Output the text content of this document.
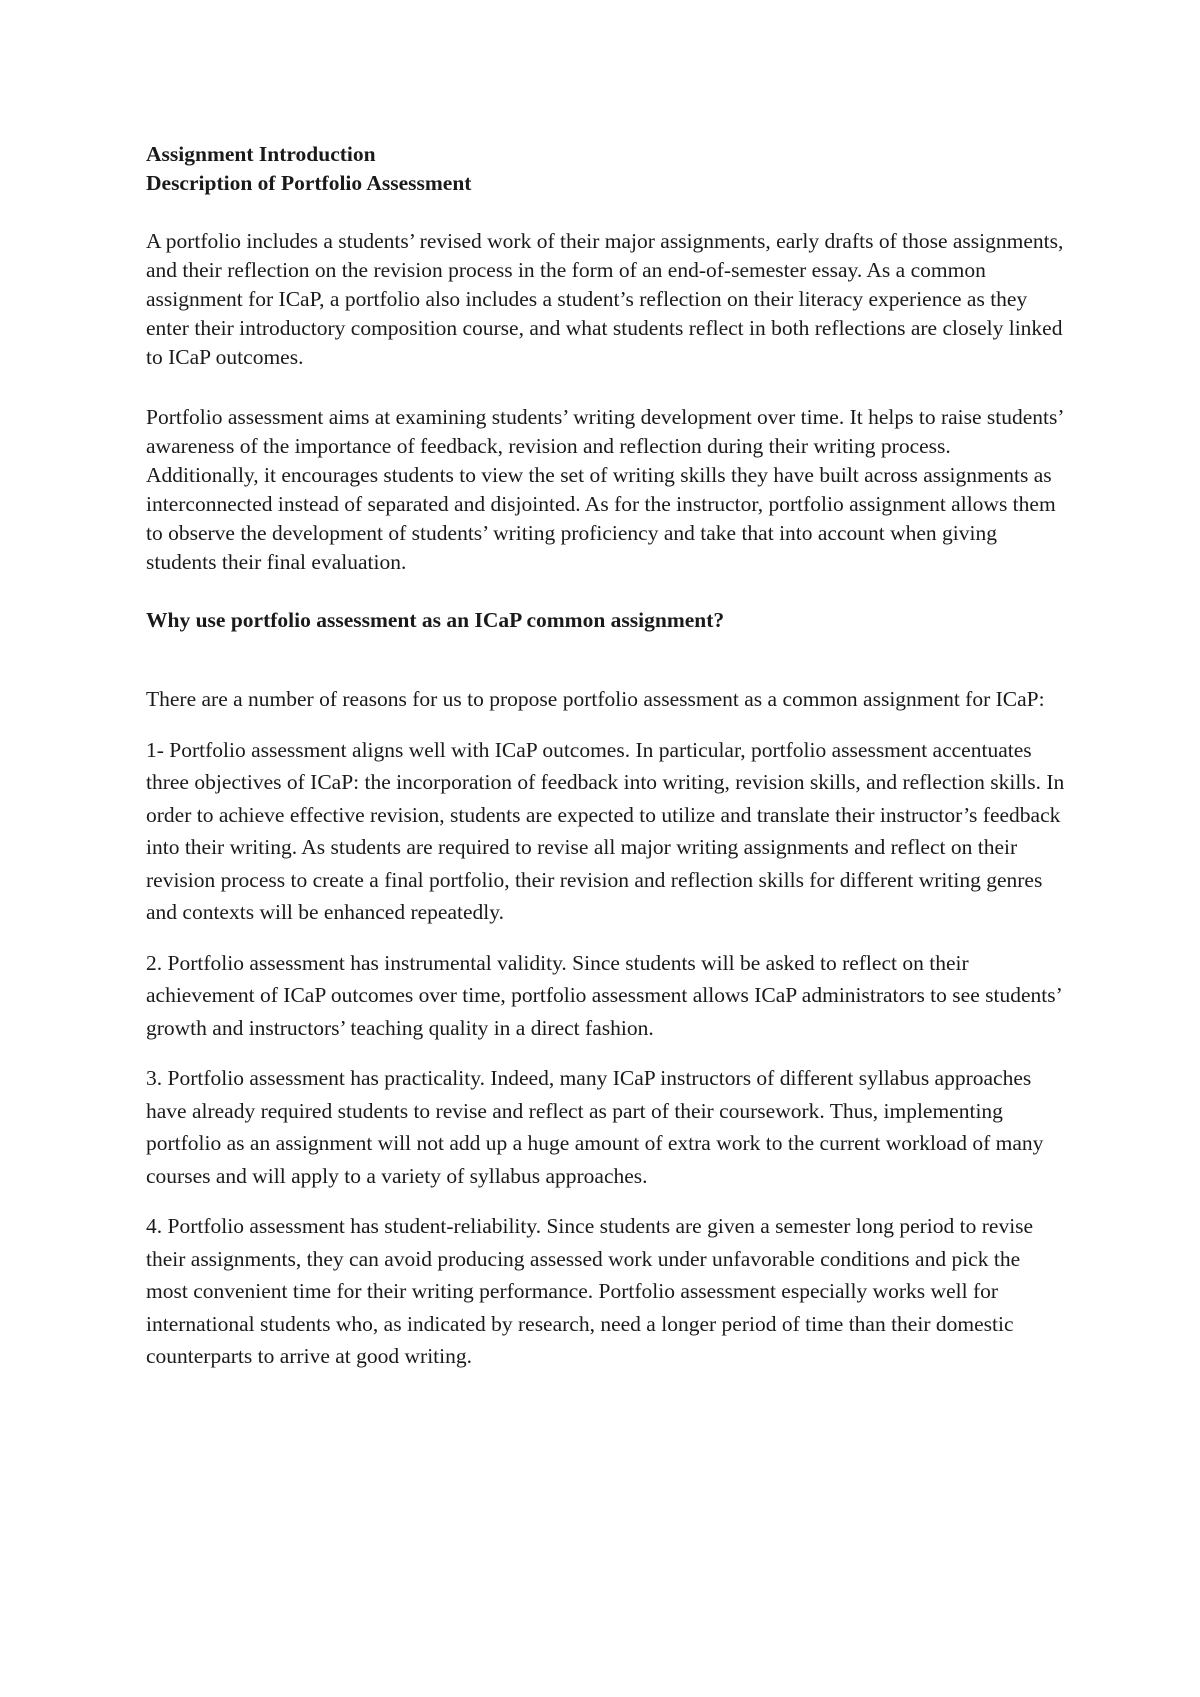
Assignment Introduction

Description of Portfolio Assessment

A portfolio includes a students’ revised work of their major assignments, early drafts of those assignments, and their reflection on the revision process in the form of an end-of-semester essay. As a common assignment for ICaP, a portfolio also includes a student’s reflection on their literacy experience as they enter their introductory composition course, and what students reflect in both reflections are closely linked to ICaP outcomes.

Portfolio assessment aims at examining students’ writing development over time. It helps to raise students’ awareness of the importance of feedback, revision and reflection during their writing process. Additionally, it encourages students to view the set of writing skills they have built across assignments as interconnected instead of separated and disjointed. As for the instructor, portfolio assignment allows them to observe the development of students’ writing proficiency and take that into account when giving students their final evaluation.

Why use portfolio assessment as an ICaP common assignment?

There are a number of reasons for us to propose portfolio assessment as a common assignment for ICaP:

1- Portfolio assessment aligns well with ICaP outcomes. In particular, portfolio assessment accentuates three objectives of ICaP: the incorporation of feedback into writing, revision skills, and reflection skills. In order to achieve effective revision, students are expected to utilize and translate their instructor’s feedback into their writing. As students are required to revise all major writing assignments and reflect on their revision process to create a final portfolio, their revision and reflection skills for different writing genres and contexts will be enhanced repeatedly.

2. Portfolio assessment has instrumental validity. Since students will be asked to reflect on their achievement of ICaP outcomes over time, portfolio assessment allows ICaP administrators to see students’ growth and instructors’ teaching quality in a direct fashion.

3. Portfolio assessment has practicality. Indeed, many ICaP instructors of different syllabus approaches have already required students to revise and reflect as part of their coursework. Thus, implementing portfolio as an assignment will not add up a huge amount of extra work to the current workload of many courses and will apply to a variety of syllabus approaches.

4. Portfolio assessment has student-reliability. Since students are given a semester long period to revise their assignments, they can avoid producing assessed work under unfavorable conditions and pick the most convenient time for their writing performance. Portfolio assessment especially works well for international students who, as indicated by research, need a longer period of time than their domestic counterparts to arrive at good writing.
